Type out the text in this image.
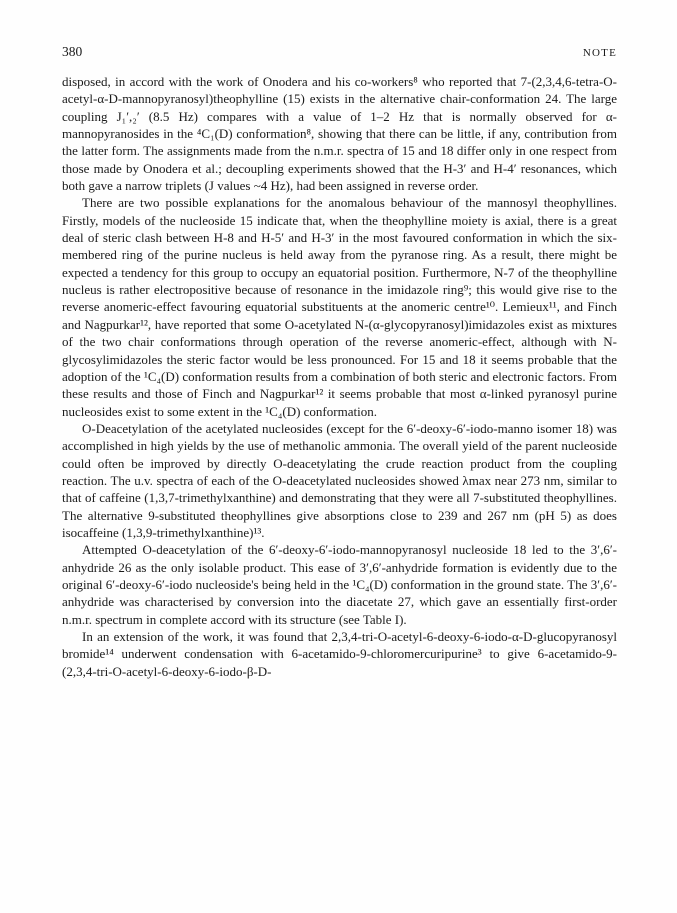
380	NOTE

disposed, in accord with the work of Onodera and his co-workers⁸ who reported that 7-(2,3,4,6-tetra-O-acetyl-α-D-mannopyranosyl)theophylline (15) exists in the alternative chair-conformation 24. The large coupling J₁′,₂′ (8.5 Hz) compares with a value of 1–2 Hz that is normally observed for α-mannopyranosides in the ⁴C₁(D) conformation⁸, showing that there can be little, if any, contribution from the latter form. The assignments made from the n.m.r. spectra of 15 and 18 differ only in one respect from those made by Onodera et al.; decoupling experiments showed that the H-3′ and H-4′ resonances, which both gave a narrow triplets (J values ~4 Hz), had been assigned in reverse order.

There are two possible explanations for the anomalous behaviour of the mannosyl theophyllines. Firstly, models of the nucleoside 15 indicate that, when the theophylline moiety is axial, there is a great deal of steric clash between H-8 and H-5′ and H-3′ in the most favoured conformation in which the six-membered ring of the purine nucleus is held away from the pyranose ring. As a result, there might be expected a tendency for this group to occupy an equatorial position. Furthermore, N-7 of the theophylline nucleus is rather electropositive because of resonance in the imidazole ring⁹; this would give rise to the reverse anomeric-effect favouring equatorial substituents at the anomeric centre¹⁰. Lemieux¹¹, and Finch and Nagpurkar¹², have reported that some O-acetylated N-(α-glycopyranosyl)imidazoles exist as mixtures of the two chair conformations through operation of the reverse anomeric-effect, although with N-glycosylimidazoles the steric factor would be less pronounced. For 15 and 18 it seems probable that the adoption of the ¹C₄(D) conformation results from a combination of both steric and electronic factors. From these results and those of Finch and Nagpurkar¹² it seems probable that most α-linked pyranosyl purine nucleosides exist to some extent in the ¹C₄(D) conformation.

O-Deacetylation of the acetylated nucleosides (except for the 6′-deoxy-6′-iodo-manno isomer 18) was accomplished in high yields by the use of methanolic ammonia. The overall yield of the parent nucleoside could often be improved by directly O-deacetylating the crude reaction product from the coupling reaction. The u.v. spectra of each of the O-deacetylated nucleosides showed λmax near 273 nm, similar to that of caffeine (1,3,7-trimethylxanthine) and demonstrating that they were all 7-substituted theophyllines. The alternative 9-substituted theophyllines give absorptions close to 239 and 267 nm (pH 5) as does isocaffeine (1,3,9-trimethylxanthine)¹³.

Attempted O-deacetylation of the 6′-deoxy-6′-iodo-mannopyranosyl nucleoside 18 led to the 3′,6′-anhydride 26 as the only isolable product. This ease of 3′,6′-anhydride formation is evidently due to the original 6′-deoxy-6′-iodo nucleoside's being held in the ¹C₄(D) conformation in the ground state. The 3′,6′-anhydride was characterised by conversion into the diacetate 27, which gave an essentially first-order n.m.r. spectrum in complete accord with its structure (see Table I).

In an extension of the work, it was found that 2,3,4-tri-O-acetyl-6-deoxy-6-iodo-α-D-glucopyranosyl bromide¹⁴ underwent condensation with 6-acetamido-9-chloromercuripurine³ to give 6-acetamido-9-(2,3,4-tri-O-acetyl-6-deoxy-6-iodo-β-D-
